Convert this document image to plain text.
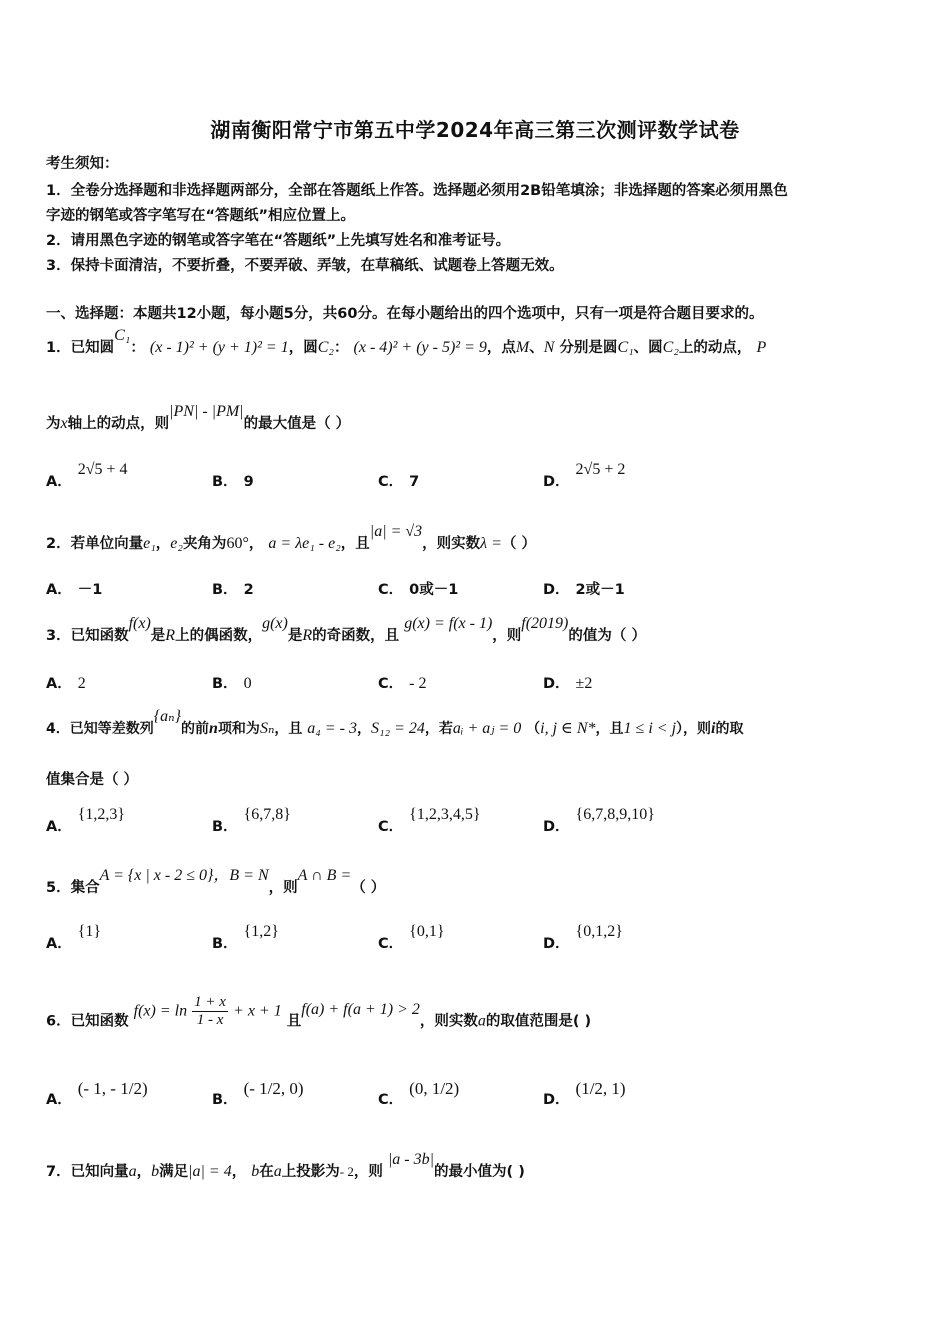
湖南衡阳常宁市第五中学2024年高三第三次测评数学试卷
考生须知：
1．全卷分选择题和非选择题两部分，全部在答题纸上作答。选择题必须用2B铅笔填涂；非选择题的答案必须用黑色
字迹的钢笔或答字笔写在“答题纸”相应位置上。
2．请用黑色字迹的钢笔或答字笔在“答题纸”上先填写姓名和准考证号。
3．保持卡面清洁，不要折叠，不要弄破、弄皱，在草稿纸、试题卷上答题无效。
一、选择题：本题共12小题，每小题5分，共60分。在每小题给出的四个选项中，只有一项是符合题目要求的。
1．已知圆C₁： (x - 1)² + (y + 1)² = 1，圆C₂： (x - 4)² + (y - 5)² = 9，点M、N 分别是圆C₁、圆C₂上的动点， P
为x轴上的动点，则|PN| - |PM|的最大值是（ ）
A．2√5 + 4
B． 9	C． 7	D．2√5 + 2
2．若单位向量e₁，e₂夹角为60°， a = λe₁ - e₂，且|a| = √3，则实数λ =（ ）
A． －1	B． 2	C． 0或－1	D． 2或－1
3．已知函数f(x)是R上的偶函数，g(x)是R的奇函数，且 g(x) = f(x - 1)，则f(2019)的值为（ ）
A． 2	B． 0	C． - 2	D． ±2
4．已知等差数列{aₙ}的前n项和为Sₙ，且 a₄ = - 3，S₁₂ = 24，若aᵢ + aⱼ = 0 （i, j ∈ N*，且1 ≤ i < j），则i的取
值集合是（ ）
A．{1,2,3}
B．{6,7,8}
C．{1,2,3,4,5}
D．{6,7,8,9,10}
5．集合A = {x | x - 2 ≤ 0}，B = N，则A ∩ B =（ ）
A．{1}
B．{1,2}
C．{0,1}
D．{0,1,2}
6．已知函数 $f(x) = \ln \frac{1 + x}{1 - x} + x + 1$ 且f(a) + f(a + 1) > 2，则实数a的取值范围是( )
A．(- 1, - 1/2)
B．(- 1/2, 0)
C．(0, 1/2)
D．(1/2, 1)
7．已知向量a，b满足|a| = 4， b在a上投影为- 2，则 |a - 3b|的最小值为( )
